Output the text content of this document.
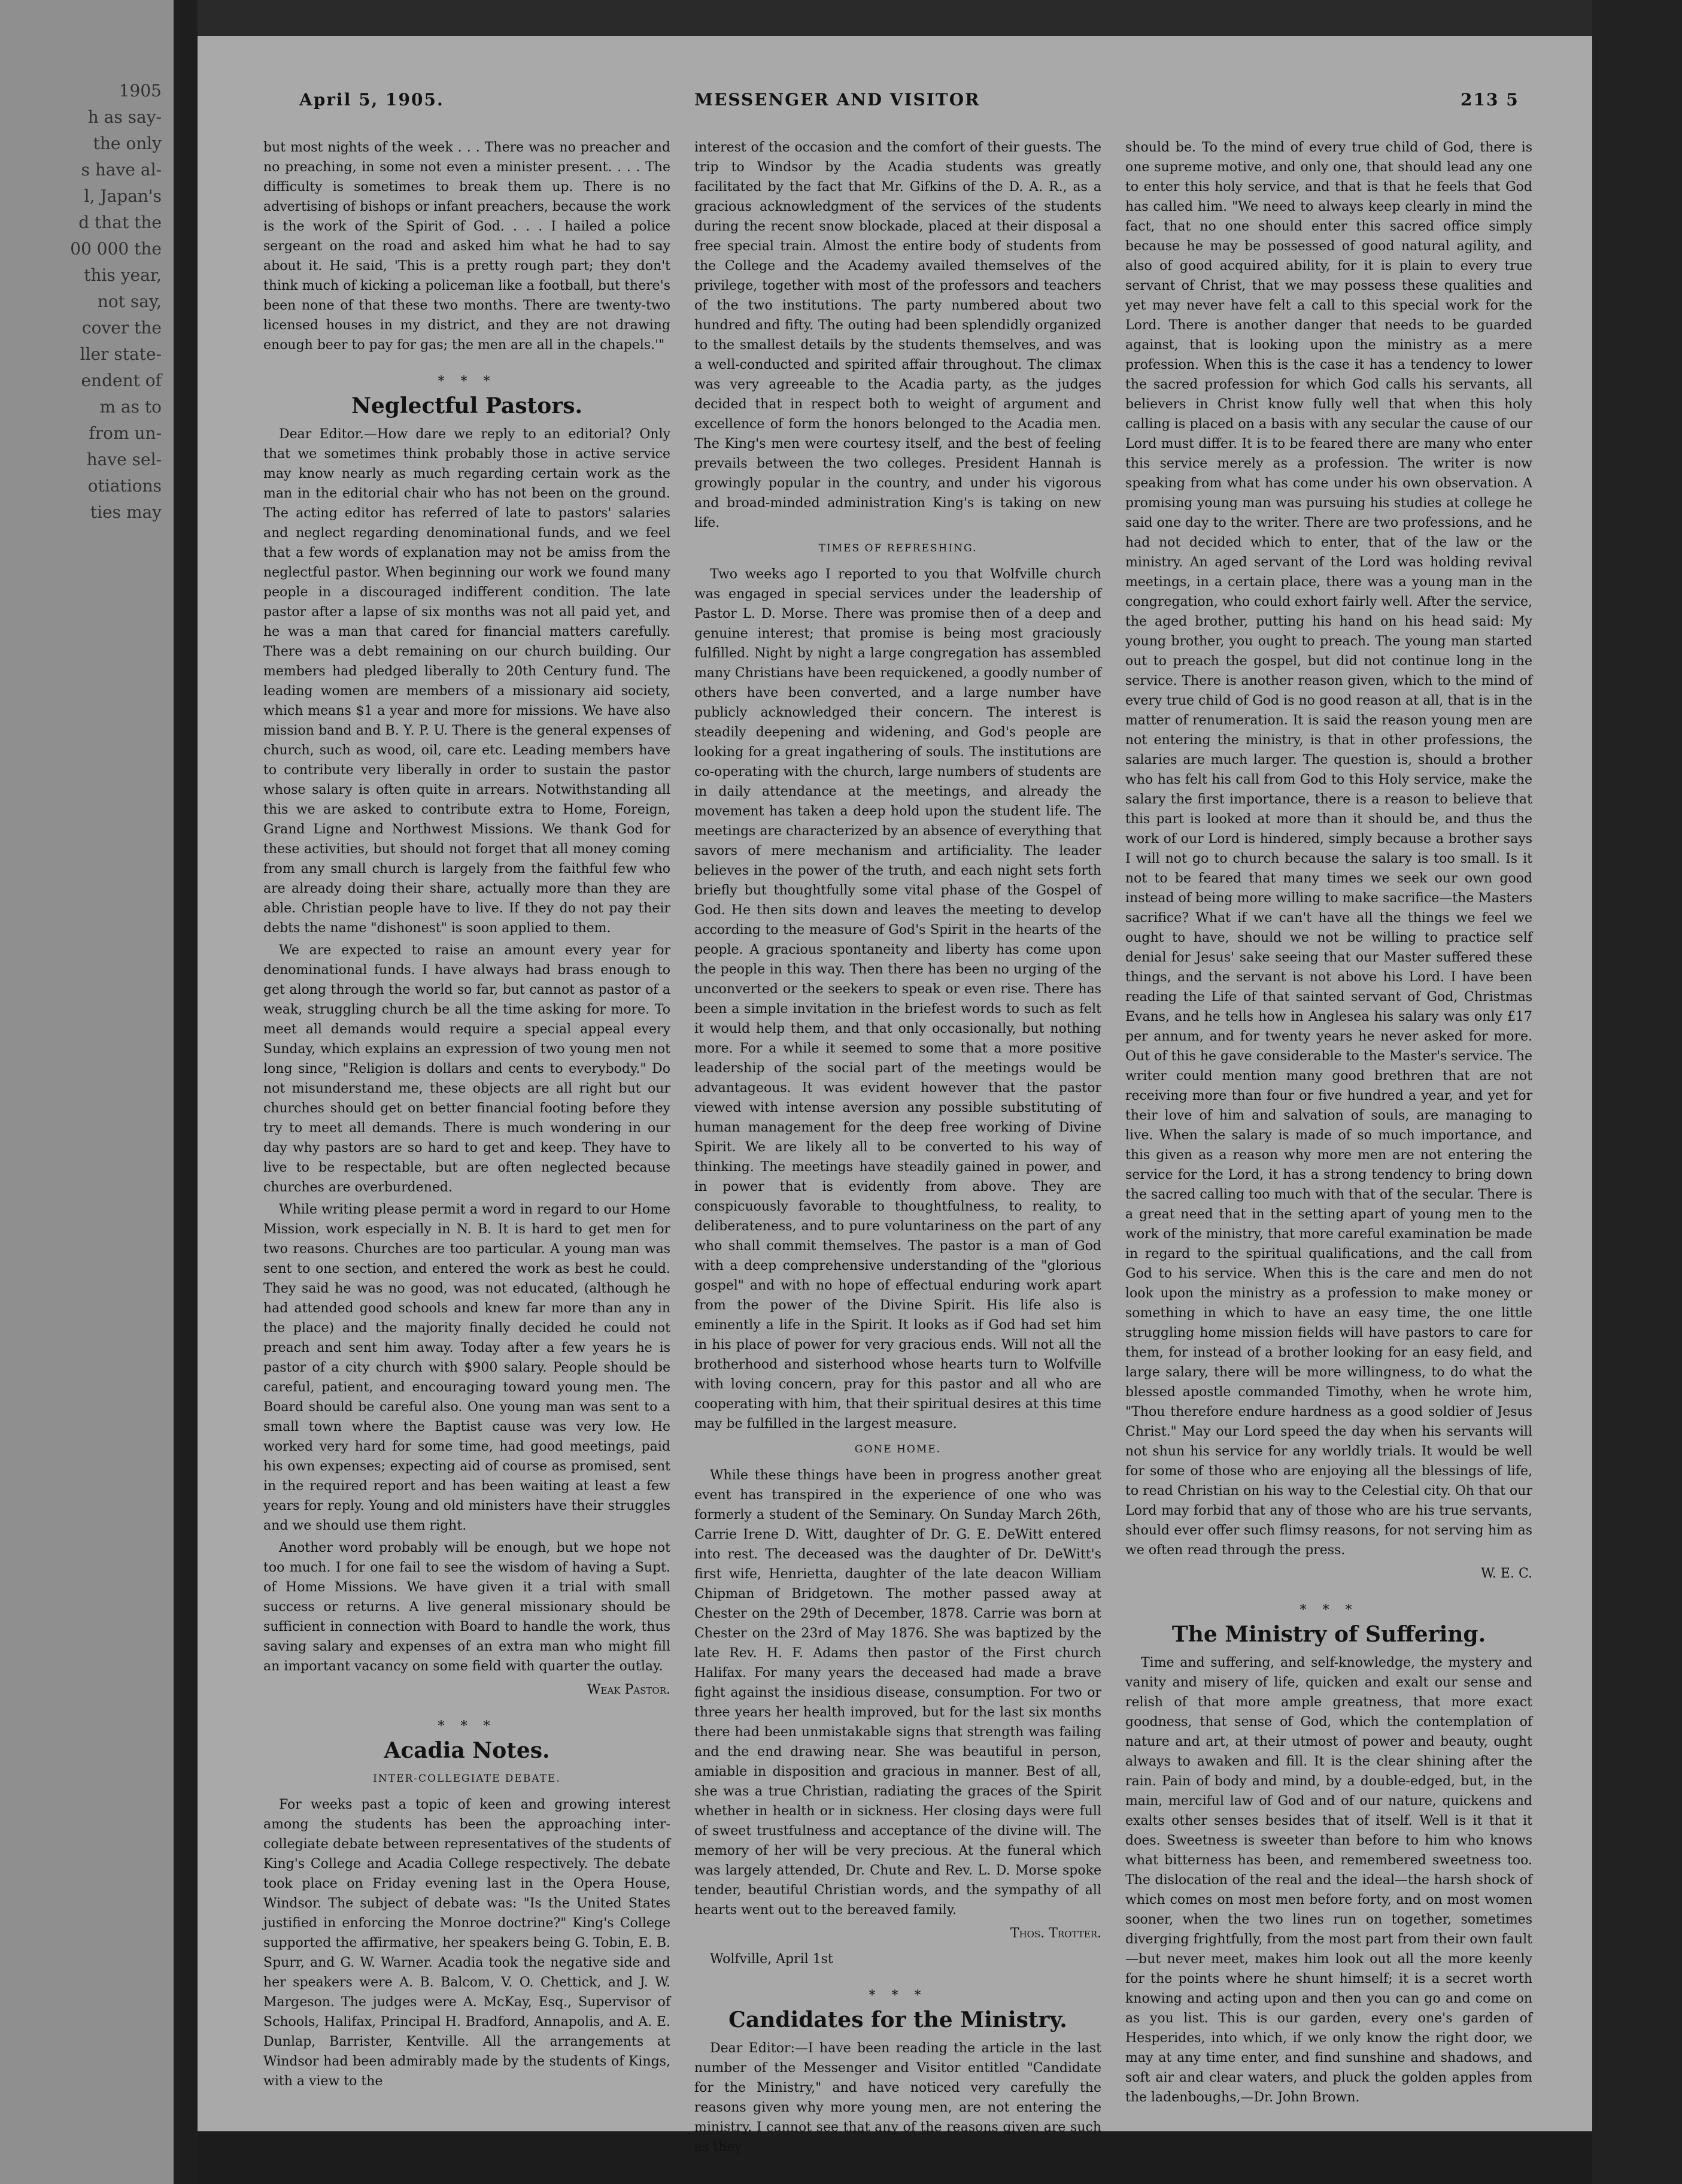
1905
h as say-
the only
s have al-
l, Japan's
d that the
00 000 the
this year,
not say,
cover the
ller state-
endent of
m as to
from un-
have sel-
otiations
ties may
April 5, 1905.	MESSENGER AND VISITOR	213 5

but most nights of the week . . . There was no preacher and no preaching, in some not even a minister present. . . . The difficulty is sometimes to break them up. There is no advertising of bishops or infant preachers, because the work is the work of the Spirit of God. . . . I hailed a police sergeant on the road and asked him what he had to say about it. He said, 'This is a pretty rough part; they don't think much of kicking a policeman like a football, but there's been none of that these two months. There are twenty-two licensed houses in my district, and they are not drawing enough beer to pay for gas; the men are all in the chapels.'"

* * *
Neglectful Pastors.

Dear Editor.—How dare we reply to an editorial? Only that we sometimes think probably those in active service may know nearly as much regarding certain work as the man in the editorial chair who has not been on the ground. The acting editor has referred of late to pastors' salaries and neglect regarding denominational funds, and we feel that a few words of explanation may not be amiss from the neglectful pastor. When beginning our work we found many people in a discouraged indifferent condition. The late pastor after a lapse of six months was not all paid yet, and he was a man that cared for financial matters carefully. There was a debt remaining on our church building. Our members had pledged liberally to 20th Century fund. The leading women are members of a missionary aid society, which means $1 a year and more for missions. We have also mission band and B. Y. P. U. There is the general expenses of church, such as wood, oil, care etc. Leading members have to contribute very liberally in order to sustain the pastor whose salary is often quite in arrears. Notwithstanding all this we are asked to contribute extra to Home, Foreign, Grand Ligne and Northwest Missions. We thank God for these activities, but should not forget that all money coming from any small church is largely from the faithful few who are already doing their share, actually more than they are able. Christian people have to live. If they do not pay their debts the name "dishonest" is soon applied to them.

We are expected to raise an amount every year for denominational funds. I have always had brass enough to get along through the world so far, but cannot as pastor of a weak, struggling church be all the time asking for more. To meet all demands would require a special appeal every Sunday, which explains an expression of two young men not long since, "Religion is dollars and cents to everybody." Do not misunderstand me, these objects are all right but our churches should get on better financial footing before they try to meet all demands. There is much wondering in our day why pastors are so hard to get and keep. They have to live to be respectable, but are often neglected because churches are overburdened.

While writing please permit a word in regard to our Home Mission, work especially in N. B. It is hard to get men for two reasons. Churches are too particular. A young man was sent to one section, and entered the work as best he could. They said he was no good, was not educated, (although he had attended good schools and knew far more than any in the place) and the majority finally decided he could not preach and sent him away. Today after a few years he is pastor of a city church with $900 salary. People should be careful, patient, and encouraging toward young men. The Board should be careful also. One young man was sent to a small town where the Baptist cause was very low. He worked very hard for some time, had good meetings, paid his own expenses; expecting aid of course as promised, sent in the required report and has been waiting at least a few years for reply. Young and old ministers have their struggles and we should use them right.

Another word probably will be enough, but we hope not too much. I for one fail to see the wisdom of having a Supt. of Home Missions. We have given it a trial with small success or returns. A live general missionary should be sufficient in connection with Board to handle the work, thus saving salary and expenses of an extra man who might fill an important vacancy on some field with quarter the outlay.

Weak Pastor.
* * *
Acadia Notes.
INTER-COLLEGIATE DEBATE.

For weeks past a topic of keen and growing interest among the students has been the approaching inter-collegiate debate between representatives of the students of King's College and Acadia College respectively. The debate took place on Friday evening last in the Opera House, Windsor. The subject of debate was: "Is the United States justified in enforcing the Monroe doctrine?" King's College supported the affirmative, her speakers being G. Tobin, E. B. Spurr, and G. W. Warner. Acadia took the negative side and her speakers were A. B. Balcom, V. O. Chettick, and J. W. Margeson. The judges were A. McKay, Esq., Supervisor of Schools, Halifax, Principal H. Bradford, Annapolis, and A. E. Dunlap, Barrister, Kentville. All the arrangements at Windsor had been admirably made by the students of Kings, with a view to the

interest of the occasion and the comfort of their guests. The trip to Windsor by the Acadia students was greatly facilitated by the fact that Mr. Gifkins of the D. A. R., as a gracious acknowledgment of the services of the students during the recent snow blockade, placed at their disposal a free special train. Almost the entire body of students from the College and the Academy availed themselves of the privilege, together with most of the professors and teachers of the two institutions. The party numbered about two hundred and fifty. The outing had been splendidly organized to the smallest details by the students themselves, and was a well-conducted and spirited affair throughout. The climax was very agreeable to the Acadia party, as the judges decided that in respect both to weight of argument and excellence of form the honors belonged to the Acadia men. The King's men were courtesy itself, and the best of feeling prevails between the two colleges. President Hannah is growingly popular in the country, and under his vigorous and broad-minded administration King's is taking on new life.

TIMES OF REFRESHING.

Two weeks ago I reported to you that Wolfville church was engaged in special services under the leadership of Pastor L. D. Morse. There was promise then of a deep and genuine interest; that promise is being most graciously fulfilled. Night by night a large congregation has assembled many Christians have been requickened, a goodly number of others have been converted, and a large number have publicly acknowledged their concern. The interest is steadily deepening and widening, and God's people are looking for a great ingathering of souls. The institutions are co-operating with the church, large numbers of students are in daily attendance at the meetings, and already the movement has taken a deep hold upon the student life. The meetings are characterized by an absence of everything that savors of mere mechanism and artificiality. The leader believes in the power of the truth, and each night sets forth briefly but thoughtfully some vital phase of the Gospel of God. He then sits down and leaves the meeting to develop according to the measure of God's Spirit in the hearts of the people. A gracious spontaneity and liberty has come upon the people in this way. Then there has been no urging of the unconverted or the seekers to speak or even rise. There has been a simple invitation in the briefest words to such as felt it would help them, and that only occasionally, but nothing more. For a while it seemed to some that a more positive leadership of the social part of the meetings would be advantageous. It was evident however that the pastor viewed with intense aversion any possible substituting of human management for the deep free working of Divine Spirit. We are likely all to be converted to his way of thinking. The meetings have steadily gained in power, and in power that is evidently from above. They are conspicuously favorable to thoughtfulness, to reality, to deliberateness, and to pure voluntariness on the part of any who shall commit themselves. The pastor is a man of God with a deep comprehensive understanding of the "glorious gospel" and with no hope of effectual enduring work apart from the power of the Divine Spirit. His life also is eminently a life in the Spirit. It looks as if God had set him in his place of power for very gracious ends. Will not all the brotherhood and sisterhood whose hearts turn to Wolfville with loving concern, pray for this pastor and all who are cooperating with him, that their spiritual desires at this time may be fulfilled in the largest measure.

GONE HOME.

While these things have been in progress another great event has transpired in the experience of one who was formerly a student of the Seminary. On Sunday March 26th, Carrie Irene D. Witt, daughter of Dr. G. E. DeWitt entered into rest. The deceased was the daughter of Dr. DeWitt's first wife, Henrietta, daughter of the late deacon William Chipman of Bridgetown. The mother passed away at Chester on the 29th of December, 1878. Carrie was born at Chester on the 23rd of May 1876. She was baptized by the late Rev. H. F. Adams then pastor of the First church Halifax. For many years the deceased had made a brave fight against the insidious disease, consumption. For two or three years her health improved, but for the last six months there had been unmistakable signs that strength was failing and the end drawing near. She was beautiful in person, amiable in disposition and gracious in manner. Best of all, she was a true Christian, radiating the graces of the Spirit whether in health or in sickness. Her closing days were full of sweet trustfulness and acceptance of the divine will. The memory of her will be very precious. At the funeral which was largely attended, Dr. Chute and Rev. L. D. Morse spoke tender, beautiful Christian words, and the sympathy of all hearts went out to the bereaved family.

Thos. Trotter.

Wolfville, April 1st

* * *
Candidates for the Ministry.

Dear Editor:—I have been reading the article in the last number of the Messenger and Visitor entitled "Candidate for the Ministry," and have noticed very carefully the reasons given why more young men, are not entering the ministry. I cannot see that any of the reasons given are such as they

should be. To the mind of every true child of God, there is one supreme motive, and only one, that should lead any one to enter this holy service, and that is that he feels that God has called him. "We need to always keep clearly in mind the fact, that no one should enter this sacred office simply because he may be possessed of good natural agility, and also of good acquired ability, for it is plain to every true servant of Christ, that we may possess these qualities and yet may never have felt a call to this special work for the Lord. There is another danger that needs to be guarded against, that is looking upon the ministry as a mere profession. When this is the case it has a tendency to lower the sacred profession for which God calls his servants, all believers in Christ know fully well that when this holy calling is placed on a basis with any secular the cause of our Lord must differ. It is to be feared there are many who enter this service merely as a profession. The writer is now speaking from what has come under his own observation. A promising young man was pursuing his studies at college he said one day to the writer. There are two professions, and he had not decided which to enter, that of the law or the ministry. An aged servant of the Lord was holding revival meetings, in a certain place, there was a young man in the congregation, who could exhort fairly well. After the service, the aged brother, putting his hand on his head said: My young brother, you ought to preach. The young man started out to preach the gospel, but did not continue long in the service. There is another reason given, which to the mind of every true child of God is no good reason at all, that is in the matter of renumeration. It is said the reason young men are not entering the ministry, is that in other professions, the salaries are much larger. The question is, should a brother who has felt his call from God to this Holy service, make the salary the first importance, there is a reason to believe that this part is looked at more than it should be, and thus the work of our Lord is hindered, simply because a brother says I will not go to church because the salary is too small. Is it not to be feared that many times we seek our own good instead of being more willing to make sacrifice—the Masters sacrifice? What if we can't have all the things we feel we ought to have, should we not be willing to practice self denial for Jesus' sake seeing that our Master suffered these things, and the servant is not above his Lord. I have been reading the Life of that sainted servant of God, Christmas Evans, and he tells how in Anglesea his salary was only £17 per annum, and for twenty years he never asked for more. Out of this he gave considerable to the Master's service. The writer could mention many good brethren that are not receiving more than four or five hundred a year, and yet for their love of him and salvation of souls, are managing to live. When the salary is made of so much importance, and this given as a reason why more men are not entering the service for the Lord, it has a strong tendency to bring down the sacred calling too much with that of the secular. There is a great need that in the setting apart of young men to the work of the ministry, that more careful examination be made in regard to the spiritual qualifications, and the call from God to his service. When this is the care and men do not look upon the ministry as a profession to make money or something in which to have an easy time, the one little struggling home mission fields will have pastors to care for them, for instead of a brother looking for an easy field, and large salary, there will be more willingness, to do what the blessed apostle commanded Timothy, when he wrote him, "Thou therefore endure hardness as a good soldier of Jesus Christ." May our Lord speed the day when his servants will not shun his service for any worldly trials. It would be well for some of those who are enjoying all the blessings of life, to read Christian on his way to the Celestial city. Oh that our Lord may forbid that any of those who are his true servants, should ever offer such flimsy reasons, for not serving him as we often read through the press.

W. E. C.
* * *
The Ministry of Suffering.

Time and suffering, and self-knowledge, the mystery and vanity and misery of life, quicken and exalt our sense and relish of that more ample greatness, that more exact goodness, that sense of God, which the contemplation of nature and art, at their utmost of power and beauty, ought always to awaken and fill. It is the clear shining after the rain. Pain of body and mind, by a double-edged, but, in the main, merciful law of God and of our nature, quickens and exalts other senses besides that of itself. Well is it that it does. Sweetness is sweeter than before to him who knows what bitterness has been, and remembered sweetness too. The dislocation of the real and the ideal—the harsh shock of which comes on most men before forty, and on most women sooner, when the two lines run on together, sometimes diverging frightfully, from the most part from their own fault—but never meet, makes him look out all the more keenly for the points where he shunt himself; it is a secret worth knowing and acting upon and then you can go and come on as you list. This is our garden, every one's garden of Hesperides, into which, if we only know the right door, we may at any time enter, and find sunshine and shadows, and soft air and clear waters, and pluck the golden apples from the ladenboughs,—Dr. John Brown.
